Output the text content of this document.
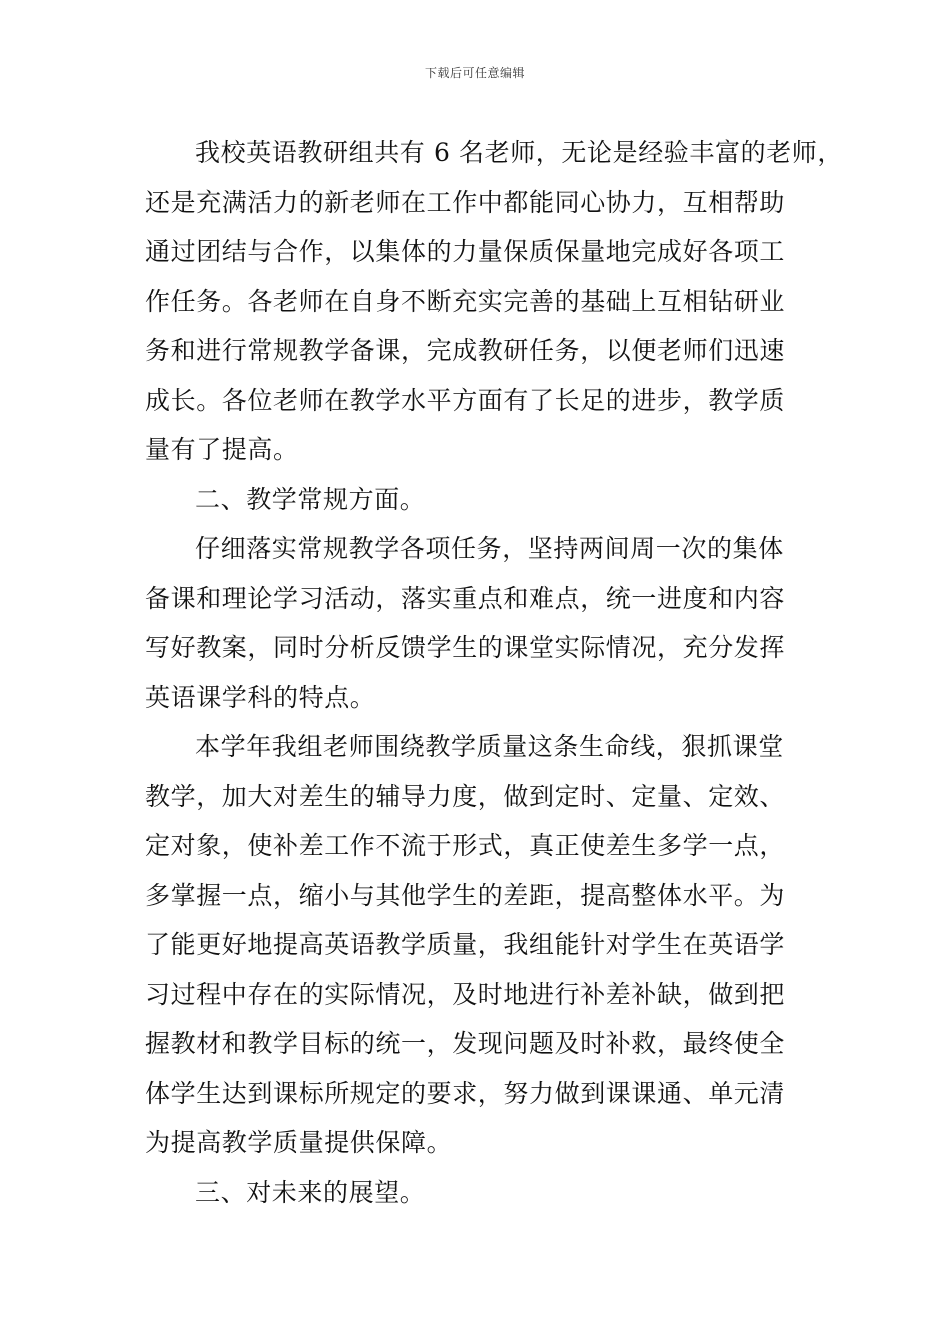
下载后可任意编辑

我校英语教研组共有 6 名老师，无论是经验丰富的老师，
还是充满活力的新老师在工作中都能同心协力，互相帮助
通过团结与合作，以集体的力量保质保量地完成好各项工
作任务。各老师在自身不断充实完善的基础上互相钻研业
务和进行常规教学备课，完成教研任务，以便老师们迅速
成长。各位老师在教学水平方面有了长足的进步，教学质
量有了提高。

二、教学常规方面。

仔细落实常规教学各项任务，坚持两间周一次的集体
备课和理论学习活动，落实重点和难点，统一进度和内容
写好教案，同时分析反馈学生的课堂实际情况，充分发挥
英语课学科的特点。

本学年我组老师围绕教学质量这条生命线，狠抓课堂
教学，加大对差生的辅导力度，做到定时、定量、定效、
定对象，使补差工作不流于形式，真正使差生多学一点，
多掌握一点，缩小与其他学生的差距，提高整体水平。为
了能更好地提高英语教学质量，我组能针对学生在英语学
习过程中存在的实际情况，及时地进行补差补缺，做到把
握教材和教学目标的统一，发现问题及时补救，最终使全
体学生达到课标所规定的要求，努力做到课课通、单元清
为提高教学质量提供保障。

三、对未来的展望。
